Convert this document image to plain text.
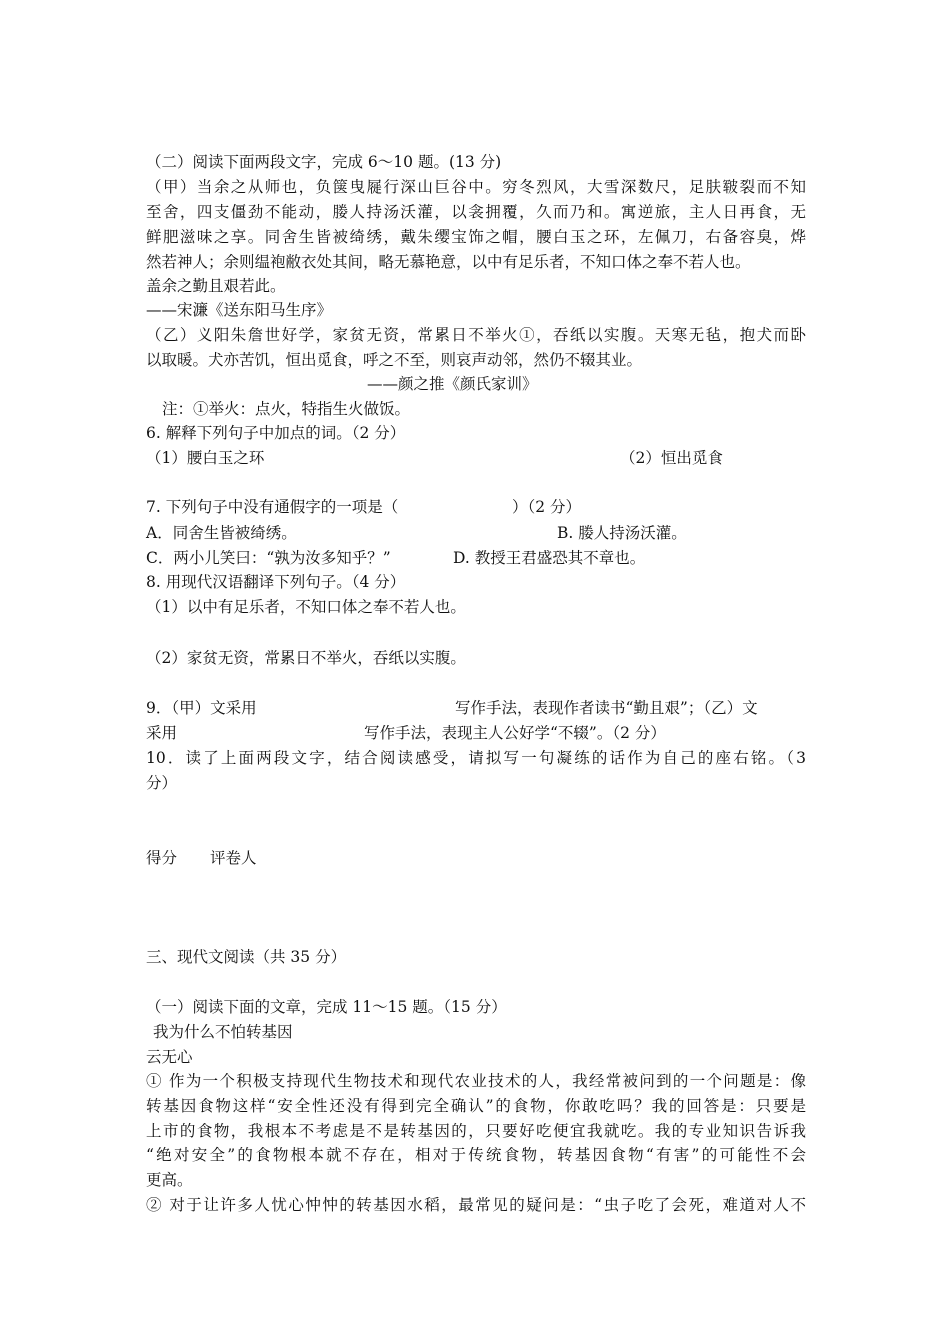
（二）阅读下面两段文字，完成 6～10 题。(13 分)
（甲）当余之从师也，负箧曳屣行深山巨谷中。穷冬烈风，大雪深数尺，足肤皲裂而不知
至舍，四支僵劲不能动，媵人持汤沃灌，以衾拥覆，久而乃和。寓逆旅，主人日再食，无
鲜肥滋味之享。同舍生皆被绮绣，戴朱缨宝饰之帽，腰白玉之环，左佩刀，右备容臭，烨
然若神人；余则缊袍敝衣处其间，略无慕艳意，以中有足乐者，不知口体之奉不若人也。
盖余之勤且艰若此。
——宋濂《送东阳马生序》
（乙）义阳朱詹世好学，家贫无资，常累日不举火①，吞纸以实腹。天寒无毡，抱犬而卧
以取暖。犬亦苦饥，恒出觅食，呼之不至，则哀声动邻，然仍不辍其业。
——颜之推《颜氏家训》
注：①举火：点火，特指生火做饭。
6. 解释下列句子中加点的词。（2 分）
（1）腰白玉之环	（2）恒出觅食
7. 下列句子中没有通假字的一项是（	）（2 分）
A．同舍生皆被绮绣。	B. 媵人持汤沃灌。
C．两小儿笑曰：“孰为汝多知乎？”	D. 教授王君盛恐其不章也。
8. 用现代汉语翻译下列句子。（4 分）
（1）以中有足乐者，不知口体之奉不若人也。
（2）家贫无资，常累日不举火，吞纸以实腹。
9．（甲）文采用	写作手法，表现作者读书“勤且艰”；（乙）文
采用	写作手法，表现主人公好学“不辍”。（2 分）
10．读了上面两段文字，结合阅读感受，请拟写一句凝练的话作为自己的座右铭。（3
分）
得分 评卷人
三、现代文阅读（共 35 分）
（一）阅读下面的文章，完成 11～15 题。（15 分）
我为什么不怕转基因
云无心
① 作为一个积极支持现代生物技术和现代农业技术的人，我经常被问到的一个问题是：像
转基因食物这样“安全性还没有得到完全确认”的食物，你敢吃吗？我的回答是：只要是
上市的食物，我根本不考虑是不是转基因的，只要好吃便宜我就吃。我的专业知识告诉我
“绝对安全”的食物根本就不存在，相对于传统食物，转基因食物“有害”的可能性不会
更高。
② 对于让许多人忧心忡忡的转基因水稻，最常见的疑问是：“虫子吃了会死，难道对人不
